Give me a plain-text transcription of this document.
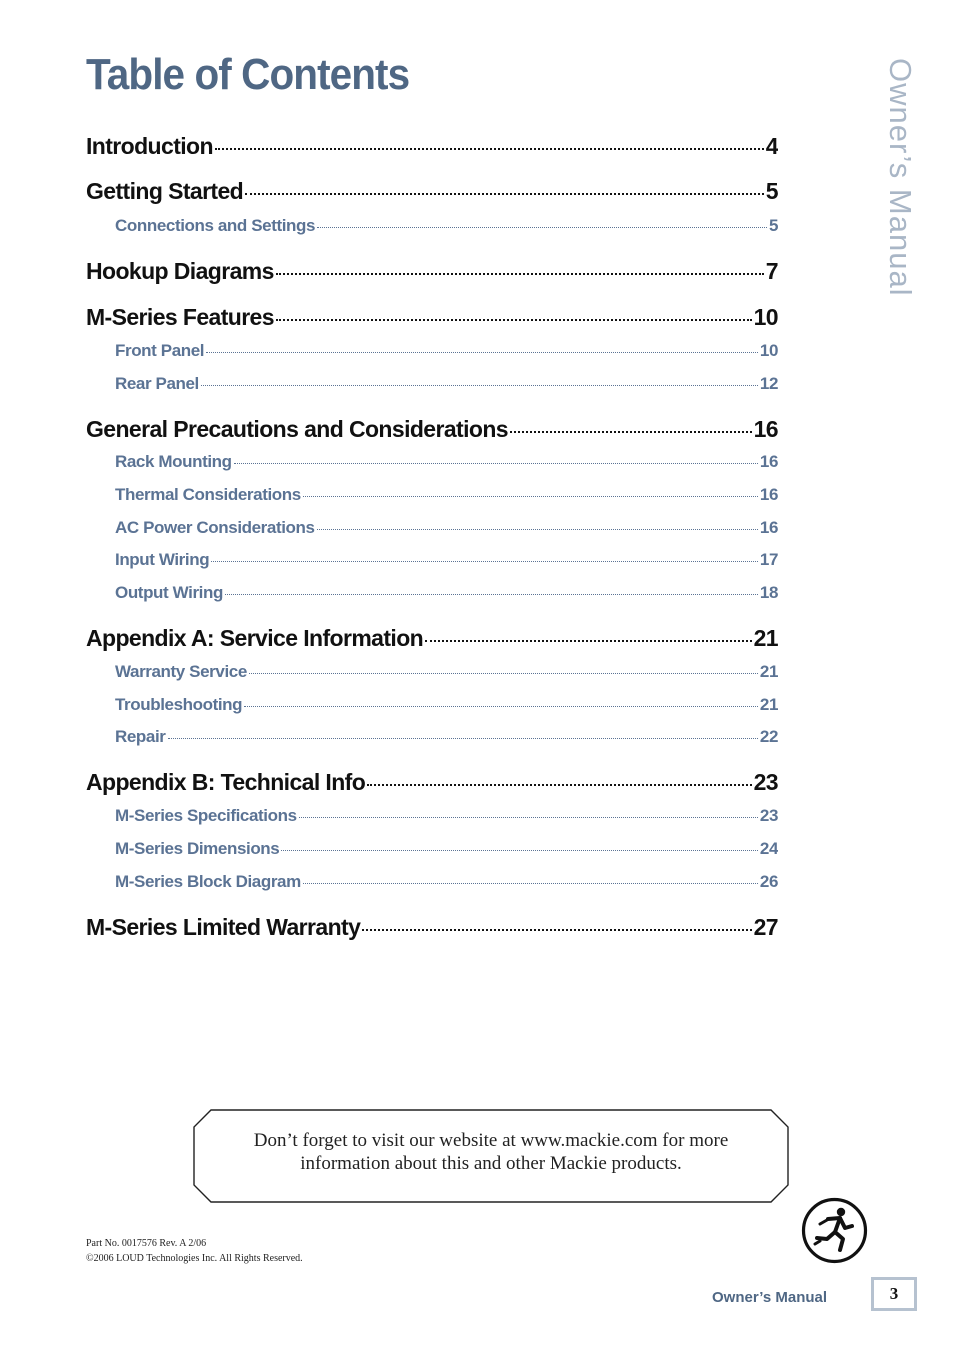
Table of Contents	Owner’s Manual
Introduction	4
Getting Started	5
Connections and Settings	5
Hookup Diagrams	7
M-Series Features	10
Front Panel	10
Rear Panel	12
General Precautions and Considerations	16
Rack Mounting	16
Thermal Considerations	16
AC Power Considerations	16
Input Wiring	17
Output Wiring	18
Appendix A: Service Information	21
Warranty Service	21
Troubleshooting	21
Repair	22
Appendix B: Technical Info	23
M-Series Specifications	23
M-Series Dimensions	24
M-Series Block Diagram	26
M-Series Limited Warranty	27
Don’t forget to visit our website at www.mackie.com for more
information about this and other Mackie products.
Part No. 0017576 Rev. A 2/06
©2006 LOUD Technologies Inc. All Rights Reserved.
Owner’s Manual	3
